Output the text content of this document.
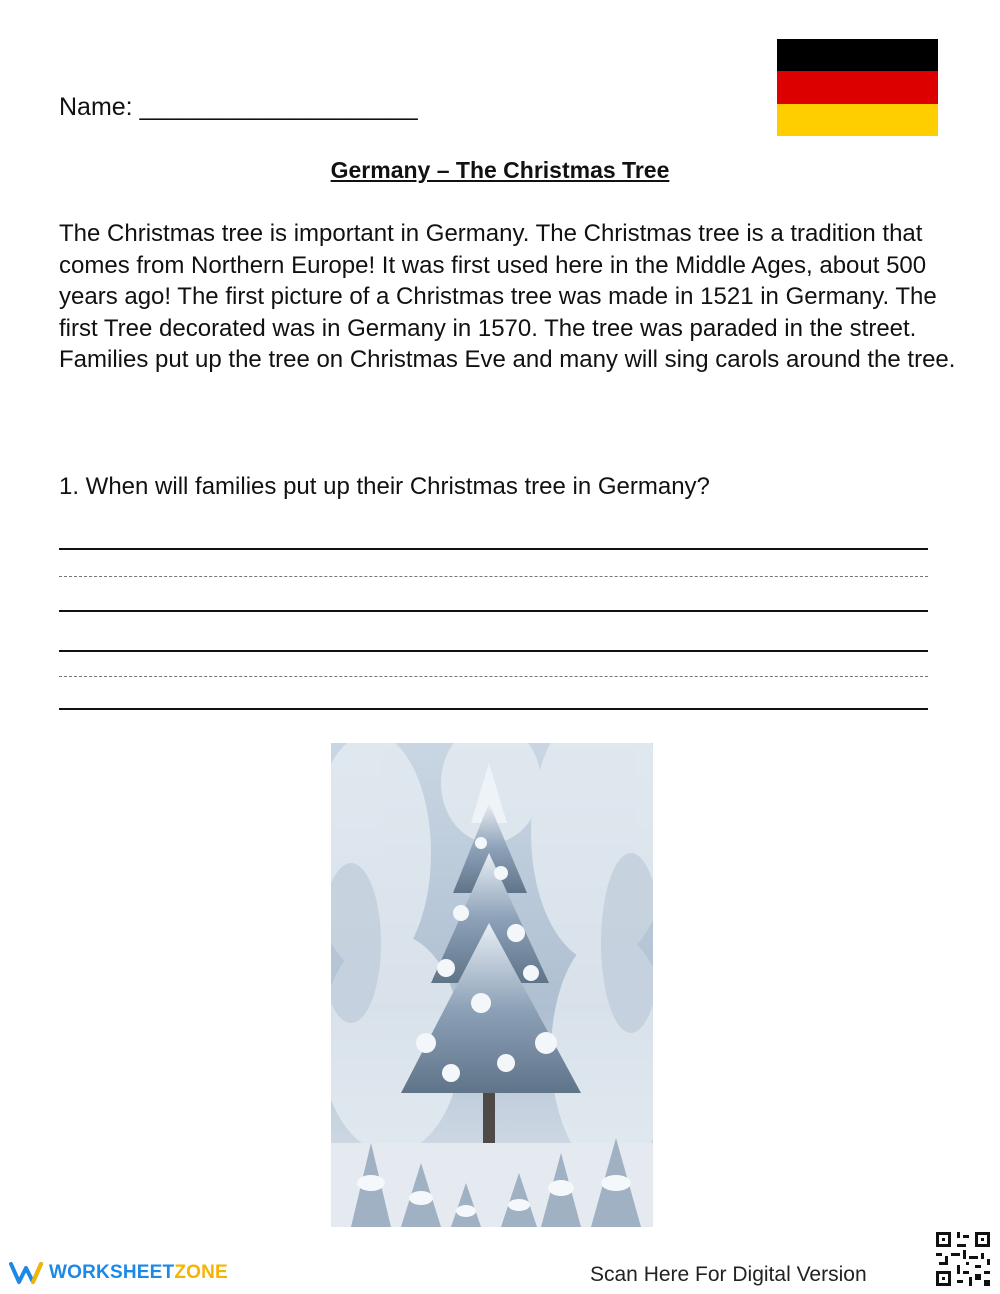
Name: ____________________
Germany – The Christmas Tree

The Christmas tree is important in Germany. The Christmas tree is a tradition that comes from Northern Europe! It was first used here in the Middle Ages, about 500 years ago! The first picture of a Christmas tree was made in 1521 in Germany. The first Tree decorated was in Germany in 1570. The tree was paraded in the street. Families put up the tree on Christmas Eve and many will sing carols around the tree.

1. When will families put up their Christmas tree in Germany?
WORKSHEETZONE	Scan Here For Digital Version
